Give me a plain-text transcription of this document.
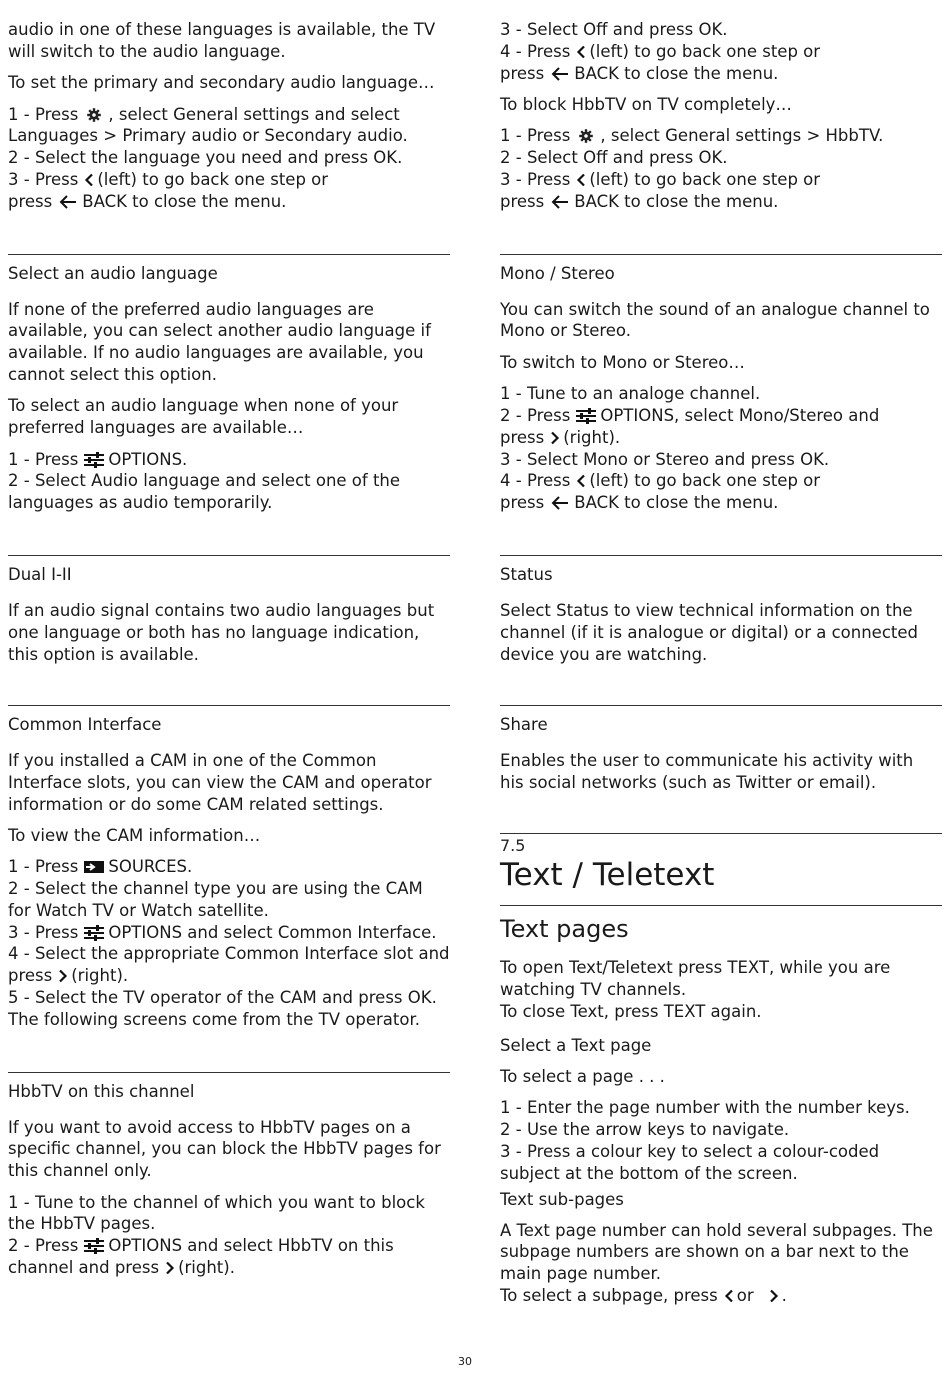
audio in one of these languages is available, the TV will switch to the audio language.

To set the primary and secondary audio language…

1 - Press , select General settings and select Languages > Primary audio or Secondary audio.

2 - Select the language you need and press OK.

3 - Press (left) to go back one step or
press BACK to close the menu.

Select an audio language

If none of the preferred audio languages are available, you can select another audio language if available. If no audio languages are available, you cannot select this option.

To select an audio language when none of your preferred languages are available…

1 - Press OPTIONS.

2 - Select Audio language and select one of the languages as audio temporarily.

Dual I-II

If an audio signal contains two audio languages but one language or both has no language indication, this option is available.

Common Interface

If you installed a CAM in one of the Common Interface slots, you can view the CAM and operator information or do some CAM related settings.

To view the CAM information…

1 - Press SOURCES.

2 - Select the channel type you are using the CAM for Watch TV or Watch satellite.

3 - Press OPTIONS and select Common Interface.

4 - Select the appropriate Common Interface slot and press (right).

5 - Select the TV operator of the CAM and press OK. The following screens come from the TV operator.

HbbTV on this channel

If you want to avoid access to HbbTV pages on a specific channel, you can block the HbbTV pages for this channel only.

1 - Tune to the channel of which you want to block the HbbTV pages.

2 - Press OPTIONS and select HbbTV on this channel and press (right).

3 - Select Off and press OK.

4 - Press (left) to go back one step or
press BACK to close the menu.

To block HbbTV on TV completely…

1 - Press , select General settings > HbbTV.

2 - Select Off and press OK.

3 - Press (left) to go back one step or
press BACK to close the menu.

Mono / Stereo

You can switch the sound of an analogue channel to Mono or Stereo.

To switch to Mono or Stereo…

1 - Tune to an analoge channel.

2 - Press OPTIONS, select Mono/Stereo and
press (right).

3 - Select Mono or Stereo and press OK.

4 - Press (left) to go back one step or
press BACK to close the menu.

Status

Select Status to view technical information on the channel (if it is analogue or digital) or a connected device you are watching.

Share

Enables the user to communicate his activity with his social networks (such as Twitter or email).

7.5

Text / Teletext
Text pages

To open Text/Teletext press TEXT, while you are watching TV channels.

To close Text, press TEXT again.

Select a Text page

To select a page . . .

1 - Enter the page number with the number keys.

2 - Use the arrow keys to navigate.

3 - Press a colour key to select a colour-coded subject at the bottom of the screen.

Text sub-pages

A Text page number can hold several subpages. The subpage numbers are shown on a bar next to the main page number.

To select a subpage, press or .

30
